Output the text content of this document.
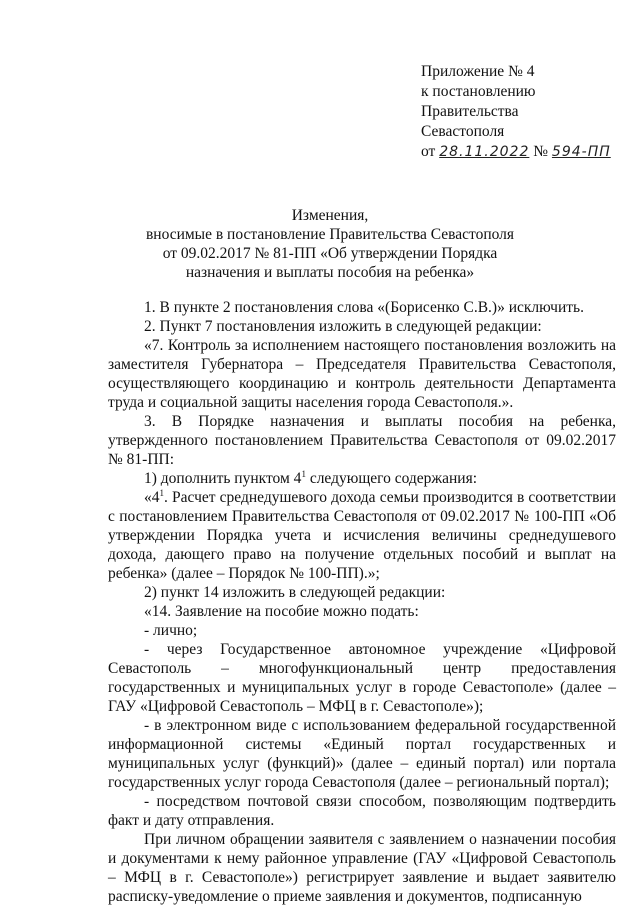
Приложение № 4
к постановлению
Правительства
Севастополя
от 28.11.2022 № 594-ПП
Изменения,
вносимые в постановление Правительства Севастополя
от 09.02.2017 № 81-ПП «Об утверждении Порядка
назначения и выплаты пособия на ребенка»

1. В пункте 2 постановления слова «(Борисенко С.В.)» исключить.

2. Пункт 7 постановления изложить в следующей редакции:

«7. Контроль за исполнением настоящего постановления возложить на заместителя Губернатора – Председателя Правительства Севастополя, осуществляющего координацию и контроль деятельности Департамента труда и социальной защиты населения города Севастополя.».

3. В Порядке назначения и выплаты пособия на ребенка, утвержденного постановлением Правительства Севастополя от 09.02.2017 № 81-ПП:

1) дополнить пунктом $4^1$ следующего содержания:

«$4^1$. Расчет среднедушевого дохода семьи производится в соответствии с постановлением Правительства Севастополя от 09.02.2017 № 100-ПП «Об утверждении Порядка учета и исчисления величины среднедушевого дохода, дающего право на получение отдельных пособий и выплат на ребенка» (далее – Порядок № 100-ПП).»;

2) пункт 14 изложить в следующей редакции:

«14. Заявление на пособие можно подать:

- лично;

- через Государственное автономное учреждение «Цифровой Севастополь – многофункциональный центр предоставления государственных и муниципальных услуг в городе Севастополе» (далее – ГАУ «Цифровой Севастополь – МФЦ в г. Севастополе»);

- в электронном виде с использованием федеральной государственной информационной системы «Единый портал государственных и муниципальных услуг (функций)» (далее – единый портал) или портала государственных услуг города Севастополя (далее – региональный портал);

- посредством почтовой связи способом, позволяющим подтвердить факт и дату отправления.

При личном обращении заявителя с заявлением о назначении пособия и документами к нему районное управление (ГАУ «Цифровой Севастополь – МФЦ в г. Севастополе») регистрирует заявление и выдает заявителю расписку-уведомление о приеме заявления и документов, подписанную
